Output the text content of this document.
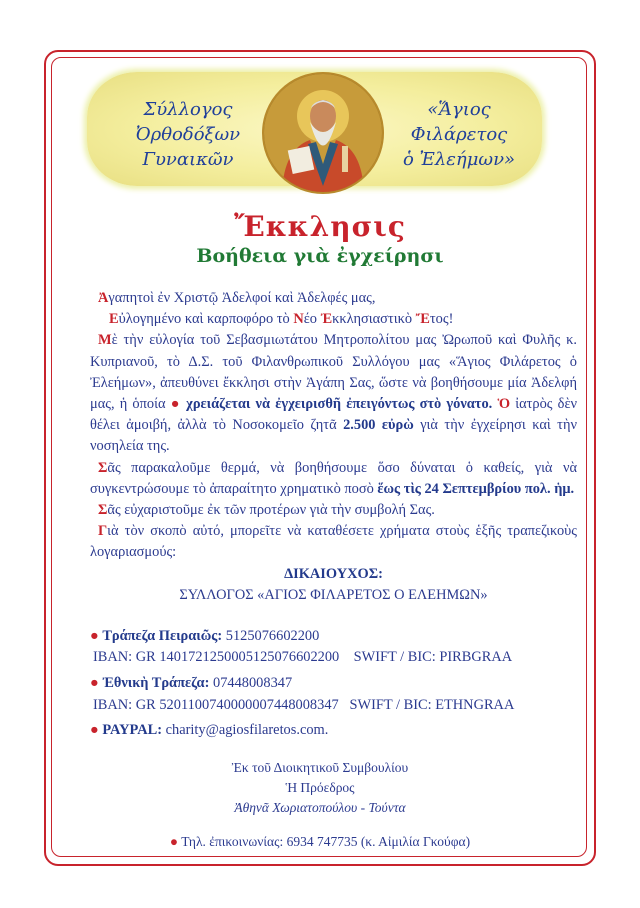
Σύλλογος
Ὀρθοδόξων
Γυναικῶν
«Ἅγιος
Φιλάρετος
ὁ Ἐλεήμων»
Ἔκκλησις
Βοήθεια γιὰ ἐγχείρησι

Ἀγαπητοὶ ἐν Χριστῷ Ἀδελφοί καὶ Ἀδελφές μας,

Εὐλογημένο καὶ καρποφόρο τὸ Νέο Ἐκκλησιαστικὸ Ἔτος!

Μὲ τὴν εὐλογία τοῦ Σεβασμιωτάτου Μητροπολίτου μας Ὠρωποῦ καὶ Φυλῆς κ. Κυπριανοῦ, τὸ Δ.Σ. τοῦ Φιλανθρωπικοῦ Συλλόγου μας «Ἅγιος Φιλάρετος ὁ Ἐλεήμων», ἀπευθύνει ἔκκλησι στὴν Ἀγάπη Σας, ὥστε νὰ βοηθήσουμε μία Ἀδελφή μας, ἡ ὁποία ● χρειάζεται νὰ ἐγχειρισθῆ ἐπειγόντως στὸ γόνατο. Ὁ ἰατρὸς δὲν θέλει ἀμοιβή, ἀλλὰ τὸ Νοσοκομεῖο ζητᾶ 2.500 εὐρὼ γιὰ τὴν ἐγχείρησι καὶ τὴν νοσηλεία της.

Σᾶς παρακαλοῦμε θερμά, νὰ βοηθήσουμε ὅσο δύναται ὁ καθείς, γιὰ νὰ συγκεντρώσουμε τὸ ἀπαραίτητο χρηματικὸ ποσὸ ἕως τὶς 24 Σεπτεμβρίου πολ. ἡμ.

Σᾶς εὐχαριστοῦμε ἐκ τῶν προτέρων γιὰ τὴν συμβολή Σας.

Γιὰ τὸν σκοπὸ αὐτό, μπορεῖτε νὰ καταθέσετε χρήματα στοὺς ἑξῆς τραπεζικοὺς λογαριασμούς:

ΔΙΚΑΙΟΥΧΟΣ:

ΣΥΛΛΟΓΟΣ «ΑΓΙΟΣ ΦΙΛΑΡΕΤΟΣ Ο ΕΛΕΗΜΩΝ»

● Τράπεζα Πειραιῶς: 5125076602200
IBAN: GR 1401721250005125076602200 SWIFT / BIC: PIRBGRAA
● Ἐθνικὴ Τράπεζα: 07448008347
IBAN: GR 5201100740000007448008347 SWIFT / BIC: ETHNGRAA
● PAYPAL: charity@agiosfilaretos.com.
Ἐκ τοῦ Διοικητικοῦ Συμβουλίου
Ἡ Πρόεδρος
Ἀθηνᾶ Χωριατοπούλου - Τούντα
● Τηλ. ἐπικοινωνίας: 6934 747735 (κ. Αἰμιλία Γκούφα)
